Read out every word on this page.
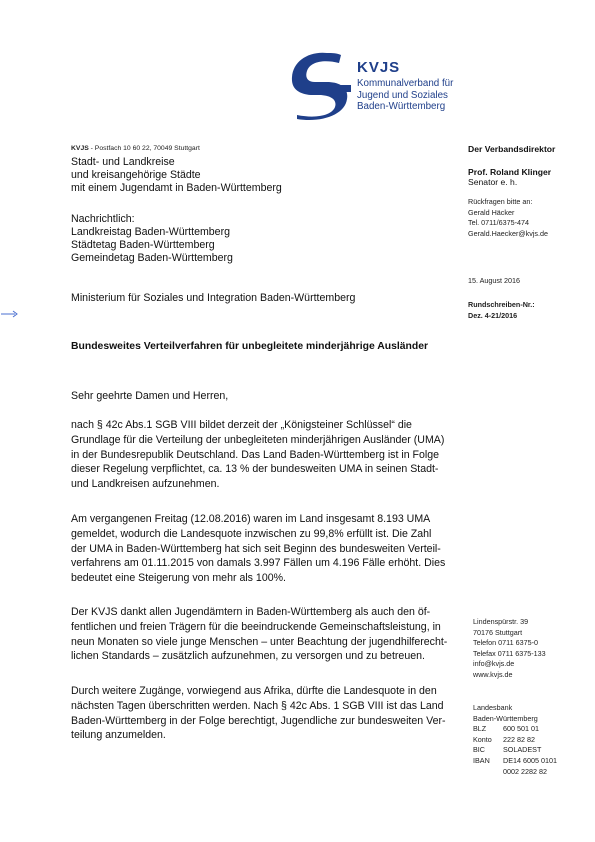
KVJS
Kommunalverband für
Jugend und Soziales
Baden-Württemberg
KVJS - Postfach 10 60 22, 70049 Stuttgart
Stadt- und Landkreise
und kreisangehörige Städte
mit einem Jugendamt in Baden-Württemberg
Nachrichtlich:
Landkreistag Baden-Württemberg
Städtetag Baden-Württemberg
Gemeindetag Baden-Württemberg
Ministerium für Soziales und Integration Baden-Württemberg
Bundesweites Verteilverfahren für unbegleitete minderjährige Ausländer
Sehr geehrte Damen und Herren,
nach § 42c Abs.1 SGB VIII bildet derzeit der „Königsteiner Schlüssel“ die Grundlage für die Verteilung der unbegleiteten minderjährigen Ausländer (UMA) in der Bundesrepublik Deutschland. Das Land Baden-Württemberg ist in Folge dieser Regelung verpflichtet, ca. 13 % der bundesweiten UMA in seinen Stadt- und Landkreisen aufzunehmen.
Am vergangenen Freitag (12.08.2016) waren im Land insgesamt 8.193 UMA gemeldet, wodurch die Landesquote inzwischen zu 99,8% erfüllt ist. Die Zahl der UMA in Baden-Württemberg hat sich seit Beginn des bundesweiten Verteil-verfahrens am 01.11.2015 von damals 3.997 Fällen um 4.196 Fälle erhöht. Dies bedeutet eine Steigerung von mehr als 100%.
Der KVJS dankt allen Jugendämtern in Baden-Württemberg als auch den öf-fentlichen und freien Trägern für die beeindruckende Gemeinschaftsleistung, in neun Monaten so viele junge Menschen – unter Beachtung der jugendhilferecht-lichen Standards – zusätzlich aufzunehmen, zu versorgen und zu betreuen.
Durch weitere Zugänge, vorwiegend aus Afrika, dürfte die Landesquote in den nächsten Tagen überschritten werden. Nach § 42c Abs. 1 SGB VIII ist das Land Baden-Württemberg in der Folge berechtigt, Jugendliche zur bundesweiten Ver-teilung anzumelden.
Der Verbandsdirektor
Prof. Roland Klinger
Senator e. h.
Rückfragen bitte an:
Gerald Häcker
Tel. 0711/6375-474
Gerald.Haecker@kvjs.de
15. August 2016
Rundschreiben-Nr.:
Dez. 4-21/2016
Lindenspürstr. 39
70176 Stuttgart
Telefon 0711 6375-0
Telefax 0711 6375-133
info@kvjs.de
www.kvjs.de
Landesbank
Baden-Württemberg
BLZ	600 501 01
Konto	222 82 82
BIC	SOLADEST
IBAN	DE14 6005 0101
0002 2282 82
